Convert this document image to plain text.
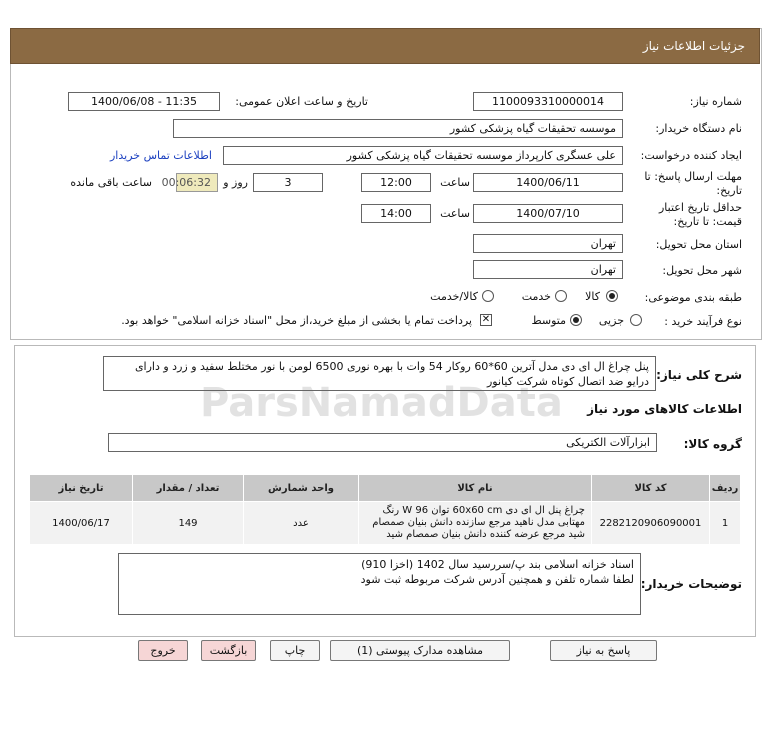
جزئیات اطلاعات نیاز
ParsNamadData
شماره نیاز:
1100093310000014
تاریخ و ساعت اعلان عمومی:
1400/06/08 - 11:35
نام دستگاه خریدار:
موسسه تحقیقات گیاه پزشکی کشور
ایجاد کننده درخواست:
علی عسگری کارپرداز موسسه تحقیقات گیاه پزشکی کشور
اطلاعات تماس خریدار
مهلت ارسال پاسخ: تا
تاریخ:
1400/06/11
ساعت
12:00
3
روز و
00:06:32
ساعت باقی مانده
حداقل تاریخ اعتبار
قیمت: تا تاریخ:
1400/07/10
ساعت
14:00
استان محل تحویل:
تهران
شهر محل تحویل:
تهران
طبقه بندی موضوعی:
کالا
خدمت
کالا/خدمت
نوع فرآیند خرید :
جزیی
متوسط
✕
پرداخت تمام یا بخشی از مبلغ خرید،از محل "اسناد خزانه اسلامی" خواهد بود.
شرح کلی نیاز:
پنل چراغ ال ای دی مدل آترین 60*60 روکار 54 وات با بهره نوری 6500 لومن با نور مختلط سفید و زرد و دارای درایو ضد اتصال کوتاه شرکت کیانور
اطلاعات کالاهای مورد نیاز
گروه کالا:
ابزارآلات الکتریکی
ردیف	کد کالا	نام کالا	واحد شمارش	تعداد / مقدار	تاریخ نیاز
1	2282120906090001	چراغ پنل ال ای دی 60x60 cm توان 96 W رنگ مهتابی مدل ناهید مرجع سازنده دانش بنیان صمصام شید مرجع عرضه کننده دانش بنیان صمصام شید	عدد	149	1400/06/17
توضیحات خریدار:
اسناد خزانه اسلامی بند پ/سررسید سال 1402 (اخزا 910)
لطفا شماره تلفن و همچنین آدرس شرکت مربوطه ثبت شود
پاسخ به نیاز
مشاهده مدارک پیوستی (1)
چاپ
بازگشت
خروج
